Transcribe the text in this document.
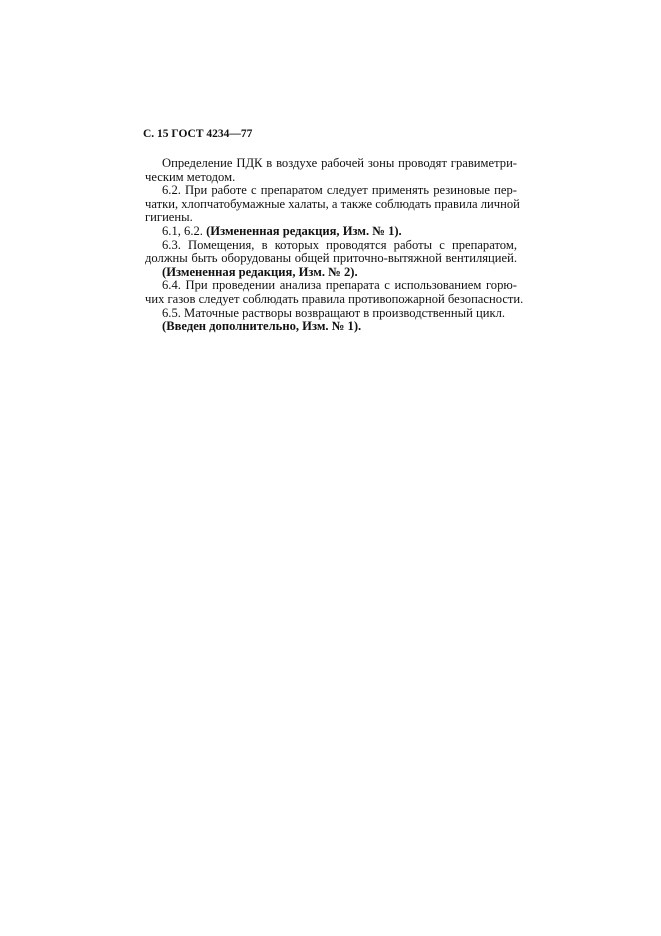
С. 15 ГОСТ 4234—77
Определение ПДК в воздухе рабочей зоны проводят гравиметри-
ческим методом.
6.2. При работе с препаратом следует применять резиновые пер-
чатки, хлопчатобумажные халаты, а также соблюдать правила личной
гигиены.
6.1, 6.2. (Измененная редакция, Изм. № 1).
6.3. Помещения, в которых проводятся работы с препаратом,
должны быть оборудованы общей приточно-вытяжной вентиляцией.
(Измененная редакция, Изм. № 2).
6.4. При проведении анализа препарата с использованием горю-
чих газов следует соблюдать правила противопожарной безопасности.
6.5. Маточные растворы возвращают в производственный цикл.
(Введен дополнительно, Изм. № 1).
